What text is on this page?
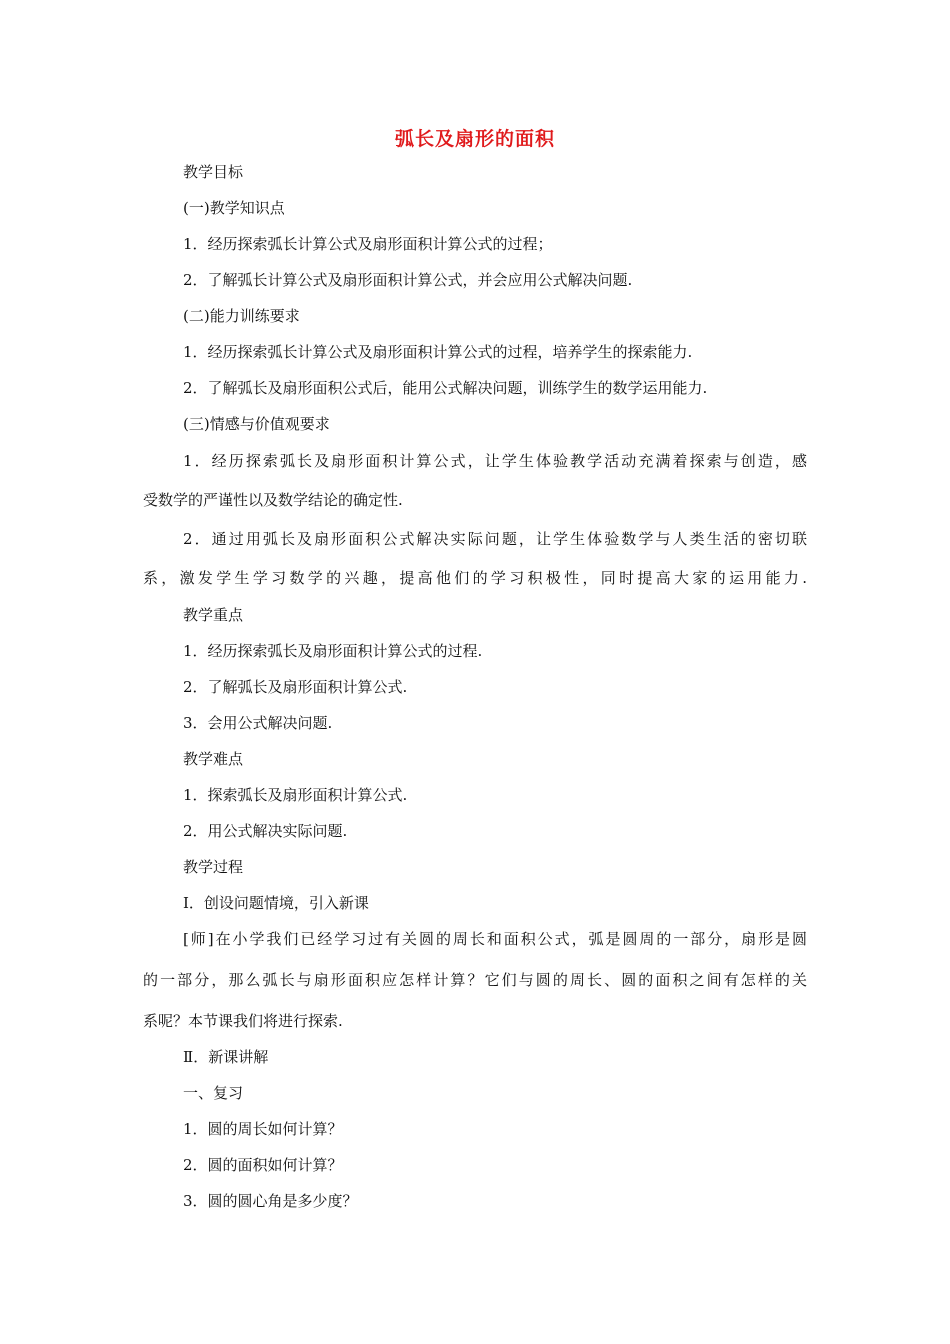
弧长及扇形的面积
教学目标
(一)教学知识点
1．经历探索弧长计算公式及扇形面积计算公式的过程；
2．了解弧长计算公式及扇形面积计算公式，并会应用公式解决问题.
(二)能力训练要求
1．经历探索弧长计算公式及扇形面积计算公式的过程，培养学生的探索能力.
2．了解弧长及扇形面积公式后，能用公式解决问题，训练学生的数学运用能力.
(三)情感与价值观要求
1．经历探索弧长及扇形面积计算公式，让学生体验教学活动充满着探索与创造，感
受数学的严谨性以及数学结论的确定性.
2．通过用弧长及扇形面积公式解决实际问题，让学生体验数学与人类生活的密切联
系，激发学生学习数学的兴趣，提高他们的学习积极性，同时提高大家的运用能力.
教学重点
1．经历探索弧长及扇形面积计算公式的过程.
2．了解弧长及扇形面积计算公式.
3．会用公式解决问题.
教学难点
1．探索弧长及扇形面积计算公式.
2．用公式解决实际问题.
教学过程
Ⅰ．创设问题情境，引入新课
[师]在小学我们已经学习过有关圆的周长和面积公式，弧是圆周的一部分，扇形是圆
的一部分，那么弧长与扇形面积应怎样计算？它们与圆的周长、圆的面积之间有怎样的关
系呢？本节课我们将进行探索.
Ⅱ．新课讲解
一、复习
1．圆的周长如何计算？
2．圆的面积如何计算？
3．圆的圆心角是多少度？
